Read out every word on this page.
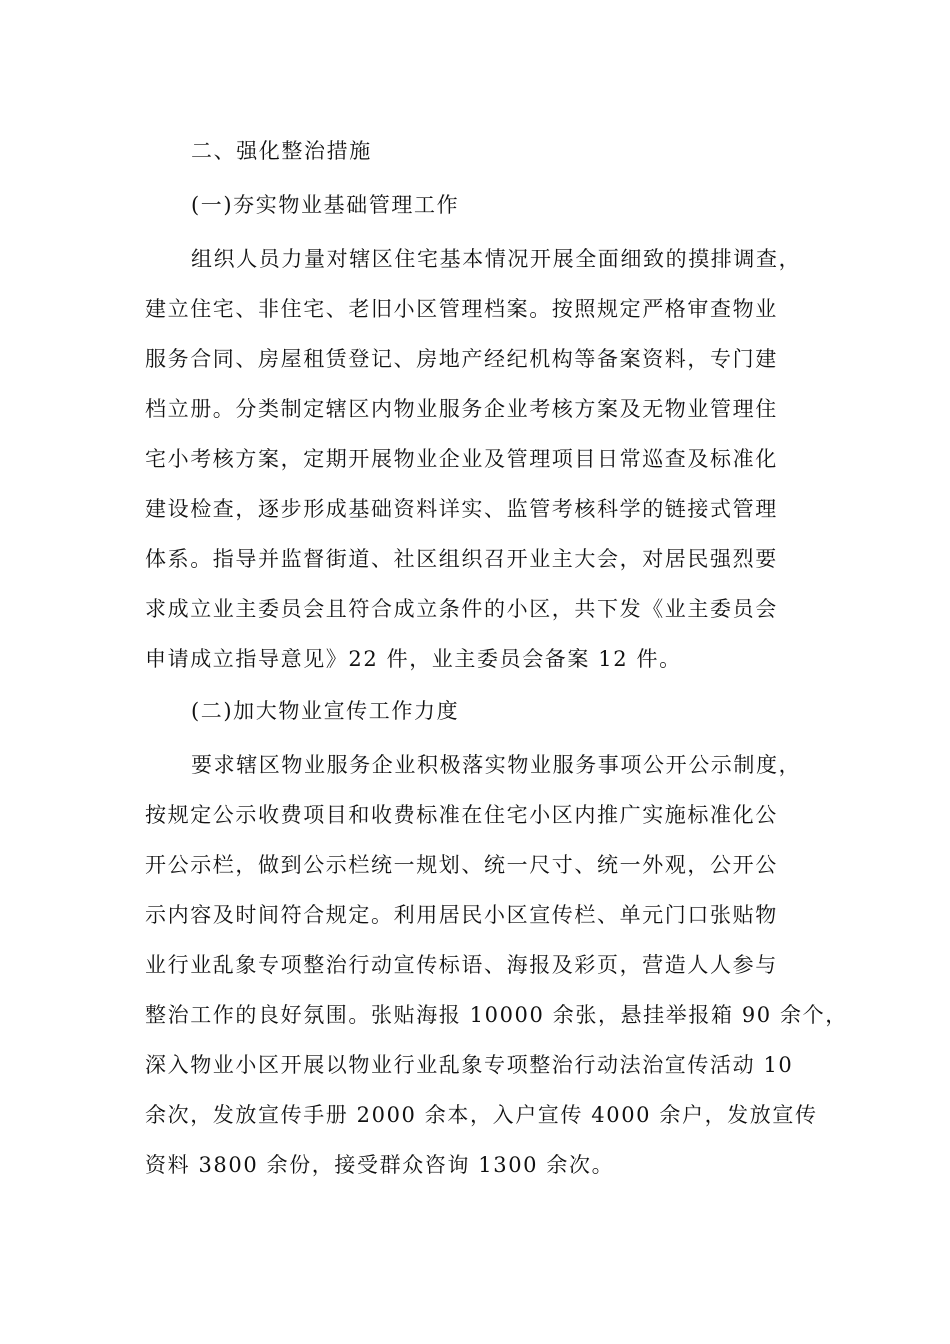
二、强化整治措施
(一)夯实物业基础管理工作
组织人员力量对辖区住宅基本情况开展全面细致的摸排调查，
建立住宅、非住宅、老旧小区管理档案。按照规定严格审查物业
服务合同、房屋租赁登记、房地产经纪机构等备案资料，专门建
档立册。分类制定辖区内物业服务企业考核方案及无物业管理住
宅小考核方案，定期开展物业企业及管理项目日常巡查及标准化
建设检查，逐步形成基础资料详实、监管考核科学的链接式管理
体系。指导并监督街道、社区组织召开业主大会，对居民强烈要
求成立业主委员会且符合成立条件的小区，共下发《业主委员会
申请成立指导意见》22 件，业主委员会备案 12 件。
(二)加大物业宣传工作力度
要求辖区物业服务企业积极落实物业服务事项公开公示制度，
按规定公示收费项目和收费标准在住宅小区内推广实施标准化公
开公示栏，做到公示栏统一规划、统一尺寸、统一外观，公开公
示内容及时间符合规定。利用居民小区宣传栏、单元门口张贴物
业行业乱象专项整治行动宣传标语、海报及彩页，营造人人参与
整治工作的良好氛围。张贴海报 10000 余张，悬挂举报箱 90 余个，
深入物业小区开展以物业行业乱象专项整治行动法治宣传活动 10
余次，发放宣传手册 2000 余本，入户宣传 4000 余户，发放宣传
资料 3800 余份，接受群众咨询 1300 余次。
